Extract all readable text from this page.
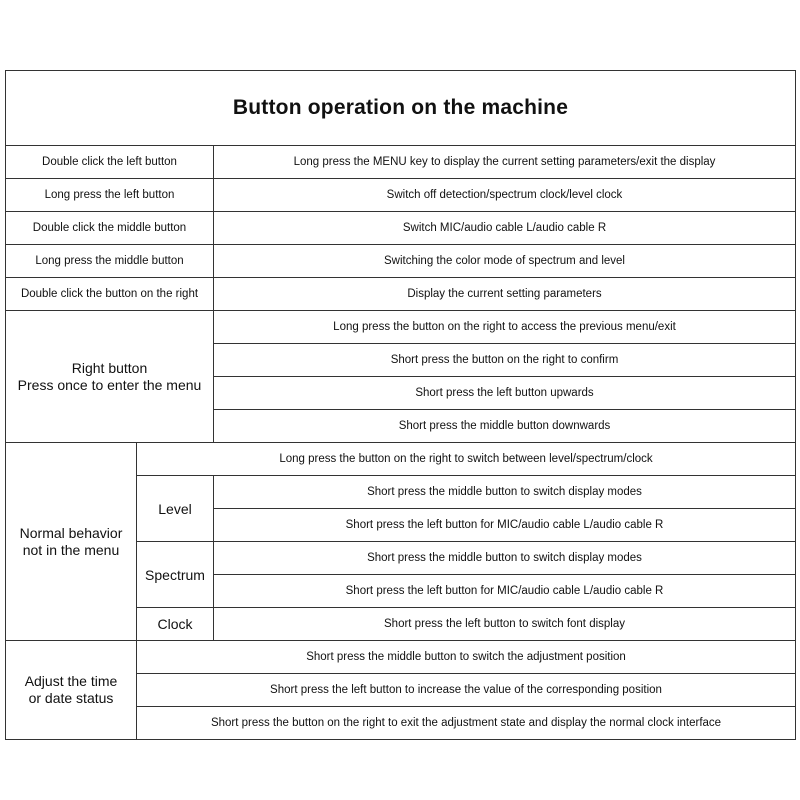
Button operation on the machine		
Double click the left button		Long press the MENU key to display the current setting parameters/exit the display
Long press the left button		Switch off detection/spectrum clock/level clock
Double click the middle button		Switch MIC/audio cable L/audio cable R
Long press the middle button		Switching the color mode of spectrum and level
Double click the button on the right		Display the current setting parameters

Right button
Press once to enter the menu		Long press the button on the right to access the previous menu/exit
		Short press the button on the right to confirm
		Short press the left button upwards
		Short press the middle button downwards

Normal behavior
not in the menu	Long press the button on the right to switch between level/spectrum/clock	
	Level	Short press the middle button to switch display modes
		Short press the left button for MIC/audio cable L/audio cable R
	Spectrum	Short press the middle button to switch display modes
		Short press the left button for MIC/audio cable L/audio cable R
	Clock	Short press the left button to switch font display

Adjust the time
or date status	Short press the middle button to switch the adjustment position	
	Short press the left button to increase the value of the corresponding position	
	Short press the button on the right to exit the adjustment state and display the normal clock interface	
